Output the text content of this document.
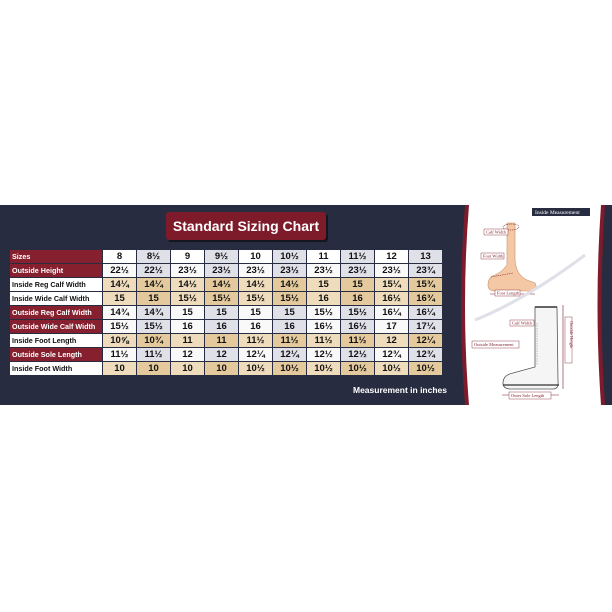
Standard Sizing Chart
Sizes	8	8½	9	9½	10	10½	11	11½	12	13
Outside Height	22½	22½	23½	23½	23½	23½	23½	23½	23½	23¾
Inside Reg Calf Width	14¼	14¼	14½	14½	14½	14½	15	15	15¼	15¾
Inside Wide Calf Width	15	15	15½	15½	15½	15½	16	16	16½	16¾
Outside Reg Calf Width	14¾	14¾	15	15	15	15	15½	15½	16¼	16¼
Outside Wide Calf Width	15½	15½	16	16	16	16	16½	16½	17	17¼
Inside Foot Length	10⅝	10¾	11	11	11½	11½	11½	11½	12	12¼
Outside Sole Length	11½	11½	12	12	12¼	12¼	12½	12½	12¾	12¾
Inside Foot Width	10	10	10	10	10½	10½	10½	10½	10½	10½
Measurement in inches
Inside Measurement
Calf Width
Foot Width
Foot Length
Calf Width
Outside Measurement	Outside Height
Outer Sole Length
